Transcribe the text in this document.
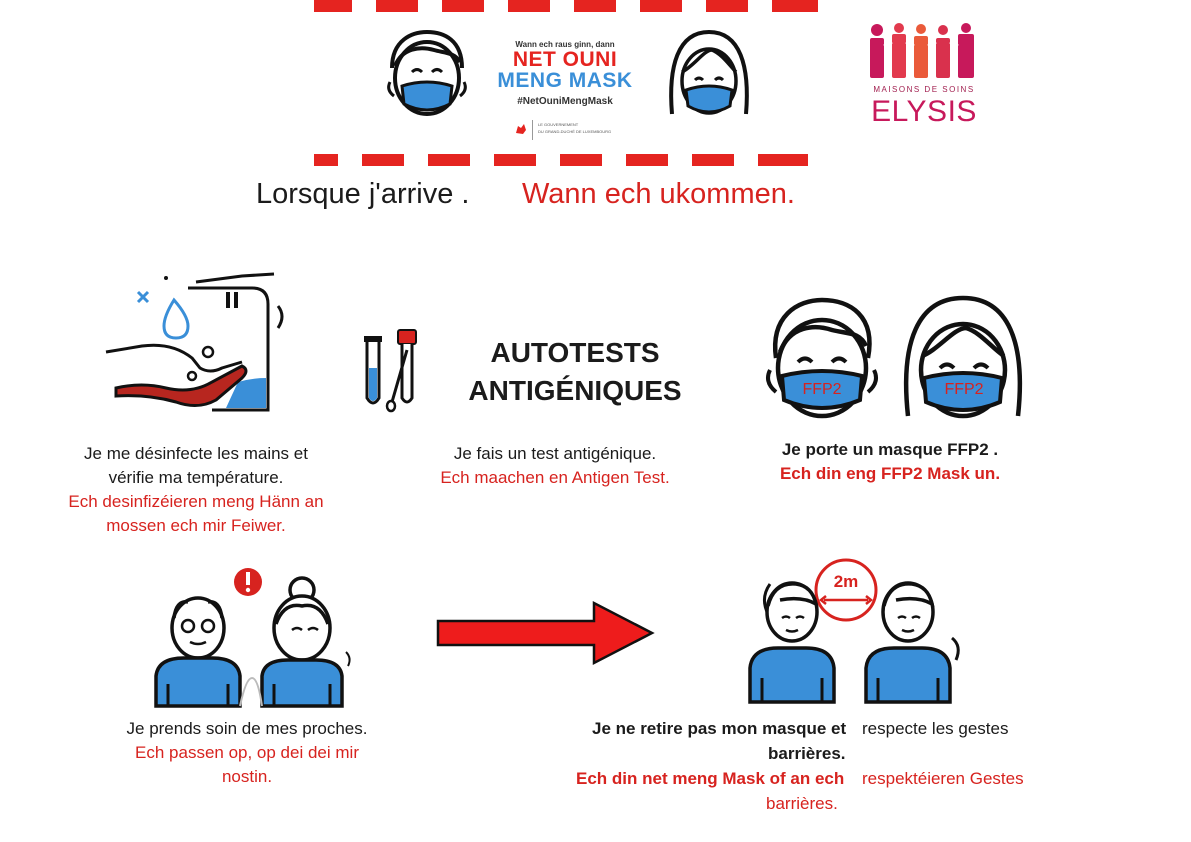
Wann ech raus ginn, dann
NET OUNI
MENG MASK
#NetOuniMengMask
LE GOUVERNEMENT
DU GRAND-DUCHÉ DE LUXEMBOURG
MAISONS DE SOINS
ELYSIS
Lorsque j'arrive . Wann ech ukommen.
AUTOTESTS
ANTIGÉNIQUES	FFP2	FFP2
Je me désinfecte les mains et
vérifie ma température.
Ech desinfizéieren meng Hänn an
mossen ech mir Feiwer.
Je fais un test antigénique.
Ech maachen en Antigen Test.
Je porte un masque FFP2 .
Ech din eng FFP2 Mask un.
2m
Je prends soin de mes proches.
Ech passen op, op dei dei mir
nostin.
Je ne retire pas mon masque et respecte les gestes
barrières.
Ech din net meng Mask of an ech respektéieren Gestes
barrières.
